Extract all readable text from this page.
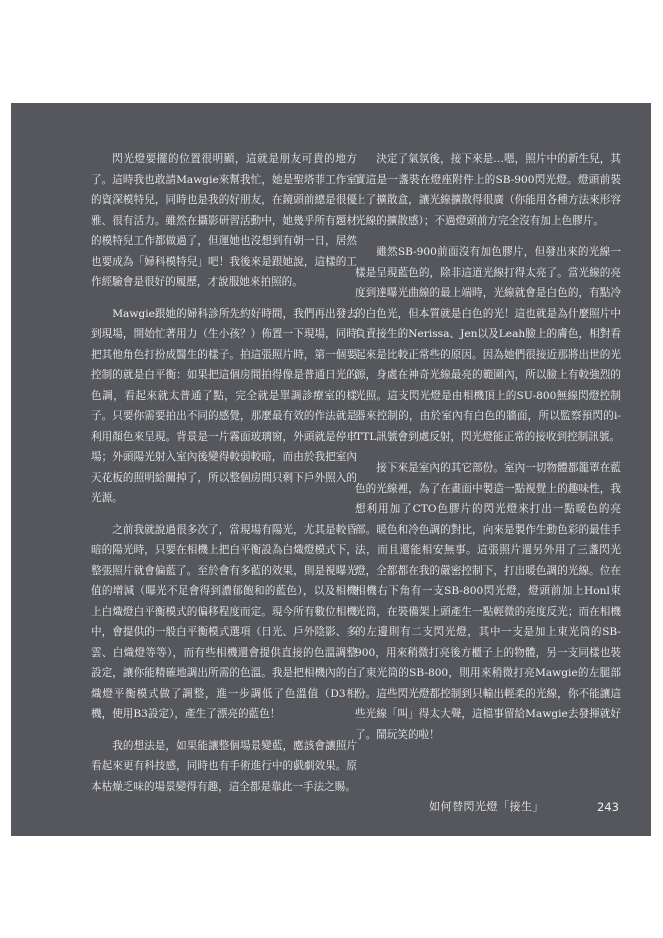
閃光燈要擺的位置很明顯，這就是朋友可貴的地方了。這時我也敢請Mawgie來幫我忙，她是聖塔菲工作室的資深模特兒，同時也是我的好朋友，在鏡頭前總是很優雅、很有活力。雖然在攝影研習活動中，她幾乎所有題材的模特兒工作都做過了，但運她也沒想到有朝一日，居然也要成為「婦科模特兒」吧！我後來是跟她說，這樣的工作經驗會是很好的履歷，才說服她來拍照的。

Mawgie跟她的婦科診所先約好時間，我們再出發去到現場，開始忙著用力（生小孩？）佈置一下現場，同時把其他角色打扮成醫生的樣子。拍這張照片時，第一個要控制的就是白平衡：如果把這個房間拍得像是普通日光的色調，看起來就太普通了點，完全就是單調診療室的樣子。只要你需要拍出不同的感覺，那麼最有效的作法就是利用顏色來呈現。背景是一片霧面玻璃窗，外頭就是停車場；外頭陽光射入室內後變得較弱較暗，而由於我把室內天花板的照明給關掉了，所以整個房間只剩下戶外照入的光源。

之前我就說過很多次了，當現場有陽光，尤其是較昏暗的陽光時，只要在相機上把白平衡設為白熾燈模式下，整張照片就會偏藍了。至於會有多藍的效果，則是視曝光值的增減（曝光不足會得到濃郁飽和的藍色），以及相機上白熾燈白平衡模式的偏移程度而定。現今所有數位相機中，會提供的一般白平衡模式選項（日光、戶外陰影、多雲、白熾燈等等），而有些相機還會提供直接的色溫調整設定，讓你能精確地調出所需的色溫。我是把相機內的白熾燈平衡模式做了調整，進一步調低了色溫值（D3相機，使用B3設定），產生了漂亮的藍色！

我的想法是，如果能讓整個場景變藍，應該會讓照片看起來更有科技感，同時也有手術進行中的戲劇效果。原本枯燥乏味的場景變得有趣，這全都是靠此一手法之賜。

決定了氣氛後，接下來是…嗯，照片中的新生兒，其實這是一盞裝在燈座附件上的SB-900閃光燈。燈頭前裝上了擴散盒，讓光線擴散得很廣（你能用各種方法來形容光線的擴散感）；不過燈頭前方完全沒有加上色膠片。

雖然SB-900前面沒有加色膠片，但發出來的光線一樣是呈現藍色的，除非這道光線打得太亮了。當光線的亮度到達曝光曲線的最上端時，光線就會是白色的，有點冷的白色光，但本質就是白色的光！這也就是為什麼照片中負責接生的Nerissa、Jen以及Leah臉上的膚色，相對看起來是比較正常些的原因。因為她們很接近那將出世的光源，身處在神奇光線最亮的範圍內，所以臉上有較強烈的光照。這支閃光燈是由相機頂上的SU-800無線閃燈控制器來控制的，由於室內有白色的牆面，所以監察預閃的i-TTL訊號會到處反射，閃光燈能正常的接收到控制訊號。

接下來是室內的其它部份。室內一切物體都籠罩在藍色的光線裡，為了在畫面中製造一點視覺上的趣味性，我想利用加了CTO色膠片的閃光燈來打出一點暖色的亮部。暖色和冷色調的對比，向來是製作生動色彩的最佳手法，而且還能相安無事。這張照片還另外用了三盞閃光燈，全都都在我的嚴密控制下，打出暖色調的光線。位在相機右下角有一支SB-800閃光燈，燈頭前加上Honl束光筒，在裝備架上頭產生一點輕微的亮度反光；而在相機的左邊則有二支閃光燈，其中一支是加上束光筒的SB-900，用來稍微打亮後方櫃子上的物體，另一支同樣也裝了束光筒的SB-800，則用來稍微打亮Mawgie的左腿部份。這些閃光燈都控制到只輸出輕柔的光線，你不能讓這些光線「叫」得太大聲，這檔事留給Mawgie去發揮就好了。鬧玩笑的啦！

如何替閃光燈「接生」	243
